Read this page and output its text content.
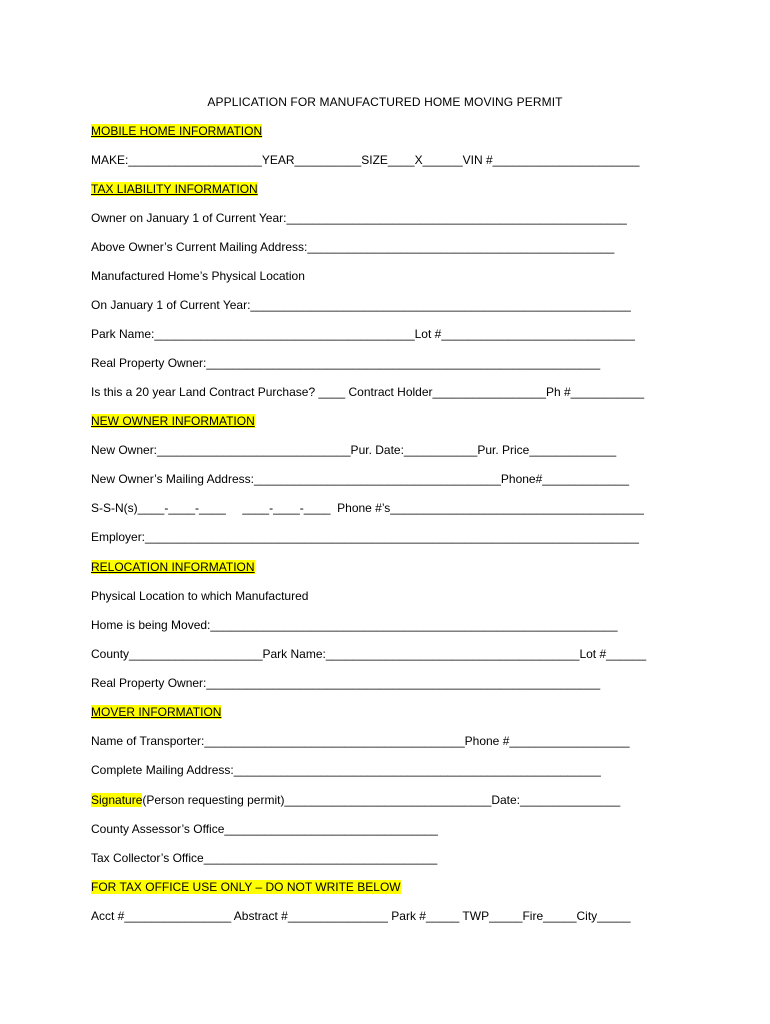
APPLICATION FOR MANUFACTURED HOME MOVING PERMIT
MOBILE HOME INFORMATION
MAKE:____________________YEAR__________SIZE____X______VIN #______________________
TAX LIABILITY INFORMATION
Owner on January 1 of Current Year:___________________________________________________
Above Owner’s Current Mailing Address:______________________________________________
Manufactured Home’s Physical Location
On January 1 of Current Year:_________________________________________________________
Park Name:_______________________________________Lot #_____________________________
Real Property Owner:___________________________________________________________
Is this a 20 year Land Contract Purchase? ____ Contract Holder_________________Ph #___________
NEW OWNER INFORMATION
New Owner:_____________________________Pur. Date:___________Pur. Price_____________
New Owner’s Mailing Address:_____________________________________Phone#_____________
S-S-N(s)____-____-____     ____-____-____  Phone #’s______________________________________
Employer:__________________________________________________________________________
RELOCATION INFORMATION
Physical Location to which Manufactured
Home is being Moved:_____________________________________________________________
County____________________Park Name:______________________________________Lot #______
Real Property Owner:___________________________________________________________
MOVER INFORMATION
Name of Transporter:_______________________________________Phone #__________________
Complete Mailing Address:_______________________________________________________
Signature(Person requesting permit)_______________________________Date:_______________
County Assessor’s Office________________________________
Tax Collector’s Office___________________________________
FOR TAX OFFICE USE ONLY – DO NOT WRITE BELOW
Acct #________________ Abstract #_______________ Park #_____ TWP_____Fire_____City_____
